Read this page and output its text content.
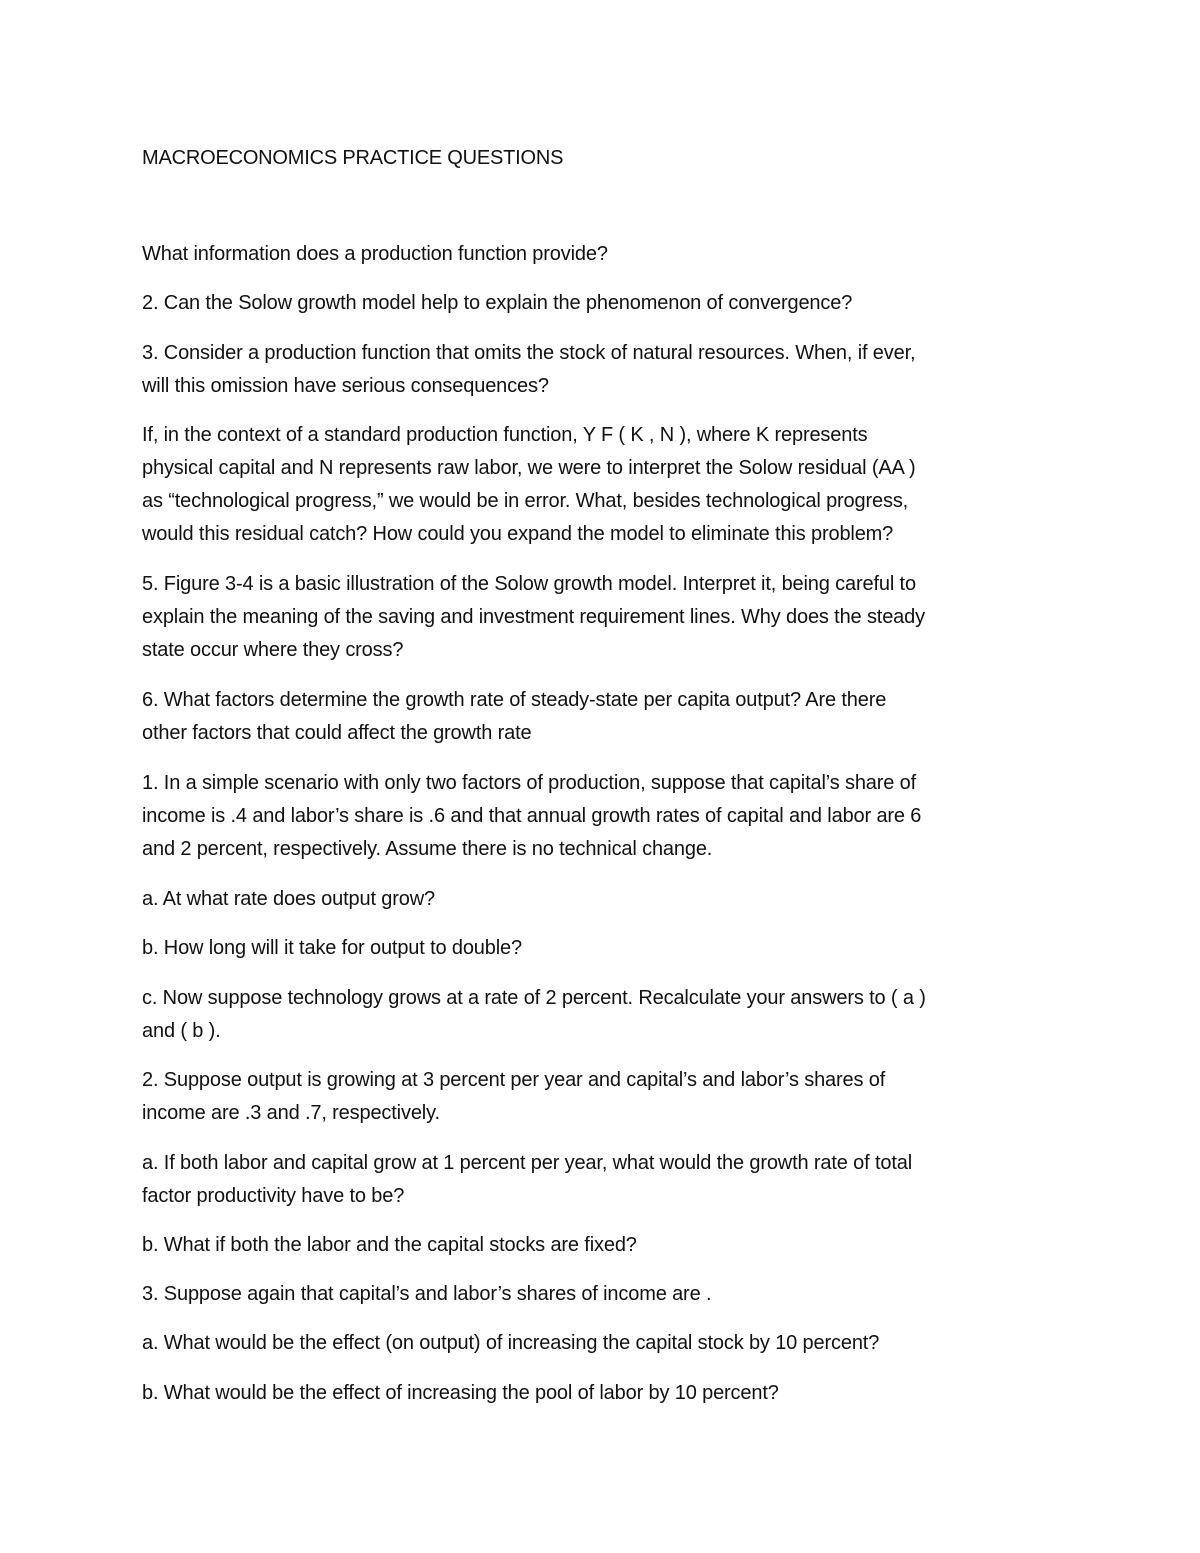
MACROECONOMICS PRACTICE QUESTIONS
What information does a production function provide?
2. Can the Solow growth model help to explain the phenomenon of convergence?
3. Consider a production function that omits the stock of natural resources. When, if ever,
will this omission have serious consequences?
If, in the context of a standard production function, Y F ( K , N ), where K represents
physical capital and N represents raw labor, we were to interpret the Solow residual (AA )
as “technological progress,” we would be in error. What, besides technological progress,
would this residual catch? How could you expand the model to eliminate this problem?
5. Figure 3-4 is a basic illustration of the Solow growth model. Interpret it, being careful to
explain the meaning of the saving and investment requirement lines. Why does the steady
state occur where they cross?
6. What factors determine the growth rate of steady-state per capita output? Are there
other factors that could affect the growth rate
1. In a simple scenario with only two factors of production, suppose that capital’s share of
income is .4 and labor’s share is .6 and that annual growth rates of capital and labor are 6
and 2 percent, respectively. Assume there is no technical change.
a. At what rate does output grow?
b. How long will it take for output to double?
c. Now suppose technology grows at a rate of 2 percent. Recalculate your answers to ( a )
and ( b ).
2. Suppose output is growing at 3 percent per year and capital’s and labor’s shares of
income are .3 and .7, respectively.
a. If both labor and capital grow at 1 percent per year, what would the growth rate of total
factor productivity have to be?
b. What if both the labor and the capital stocks are fixed?
3. Suppose again that capital’s and labor’s shares of income are .
a. What would be the effect (on output) of increasing the capital stock by 10 percent?
b. What would be the effect of increasing the pool of labor by 10 percent?
